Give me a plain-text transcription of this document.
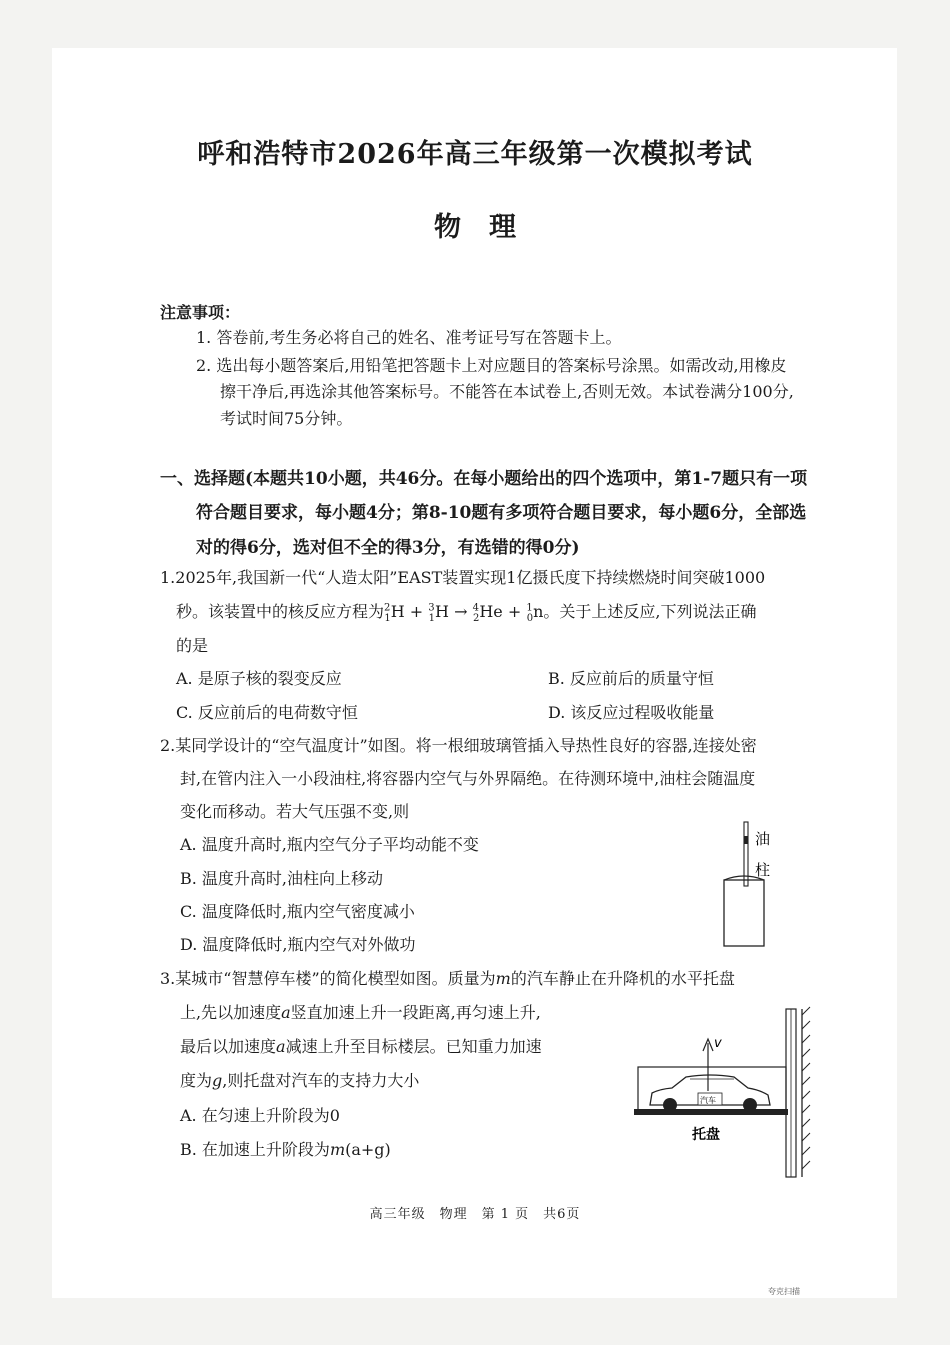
呼和浩特市2026年高三年级第一次模拟考试
物理
注意事项：
1. 答卷前,考生务必将自己的姓名、准考证号写在答题卡上。
2. 选出每小题答案后,用铅笔把答题卡上对应题目的答案标号涂黑。如需改动,用橡皮
擦干净后,再选涂其他答案标号。不能答在本试卷上,否则无效。本试卷满分100分,
考试时间75分钟。
一、选择题(本题共10小题，共46分。在每小题给出的四个选项中，第1-7题只有一项
符合题目要求，每小题4分；第8-10题有多项符合题目要求，每小题6分，全部选
对的得6分，选对但不全的得3分，有选错的得0分)
1.2025年,我国新一代“人造太阳”EAST装置实现1亿摄氏度下持续燃烧时间突破1000
秒。该装置中的核反应方程为$^2_1$H + $^3_1$H → $^4_2$He + $^1_0$n。关于上述反应,下列说法正确
的是
A. 是原子核的裂变反应	B. 反应前后的质量守恒
C. 反应前后的电荷数守恒	D. 该反应过程吸收能量
2.某同学设计的“空气温度计”如图。将一根细玻璃管插入导热性良好的容器,连接处密
封,在管内注入一小段油柱,将容器内空气与外界隔绝。在待测环境中,油柱会随温度
变化而移动。若大气压强不变,则
A. 温度升高时,瓶内空气分子平均动能不变
B. 温度升高时,油柱向上移动
C. 温度降低时,瓶内空气密度减小
D. 温度降低时,瓶内空气对外做功
油
柱
3.某城市“智慧停车楼”的简化模型如图。质量为m的汽车静止在升降机的水平托盘
上,先以加速度a竖直加速上升一段距离,再匀速上升,
最后以加速度a减速上升至目标楼层。已知重力加速
度为g,则托盘对汽车的支持力大小
A. 在匀速上升阶段为0
B. 在加速上升阶段为m(a+g)
汽车
v
托盘
高三年级　物理　第 1 页　共6页
夸克扫描
